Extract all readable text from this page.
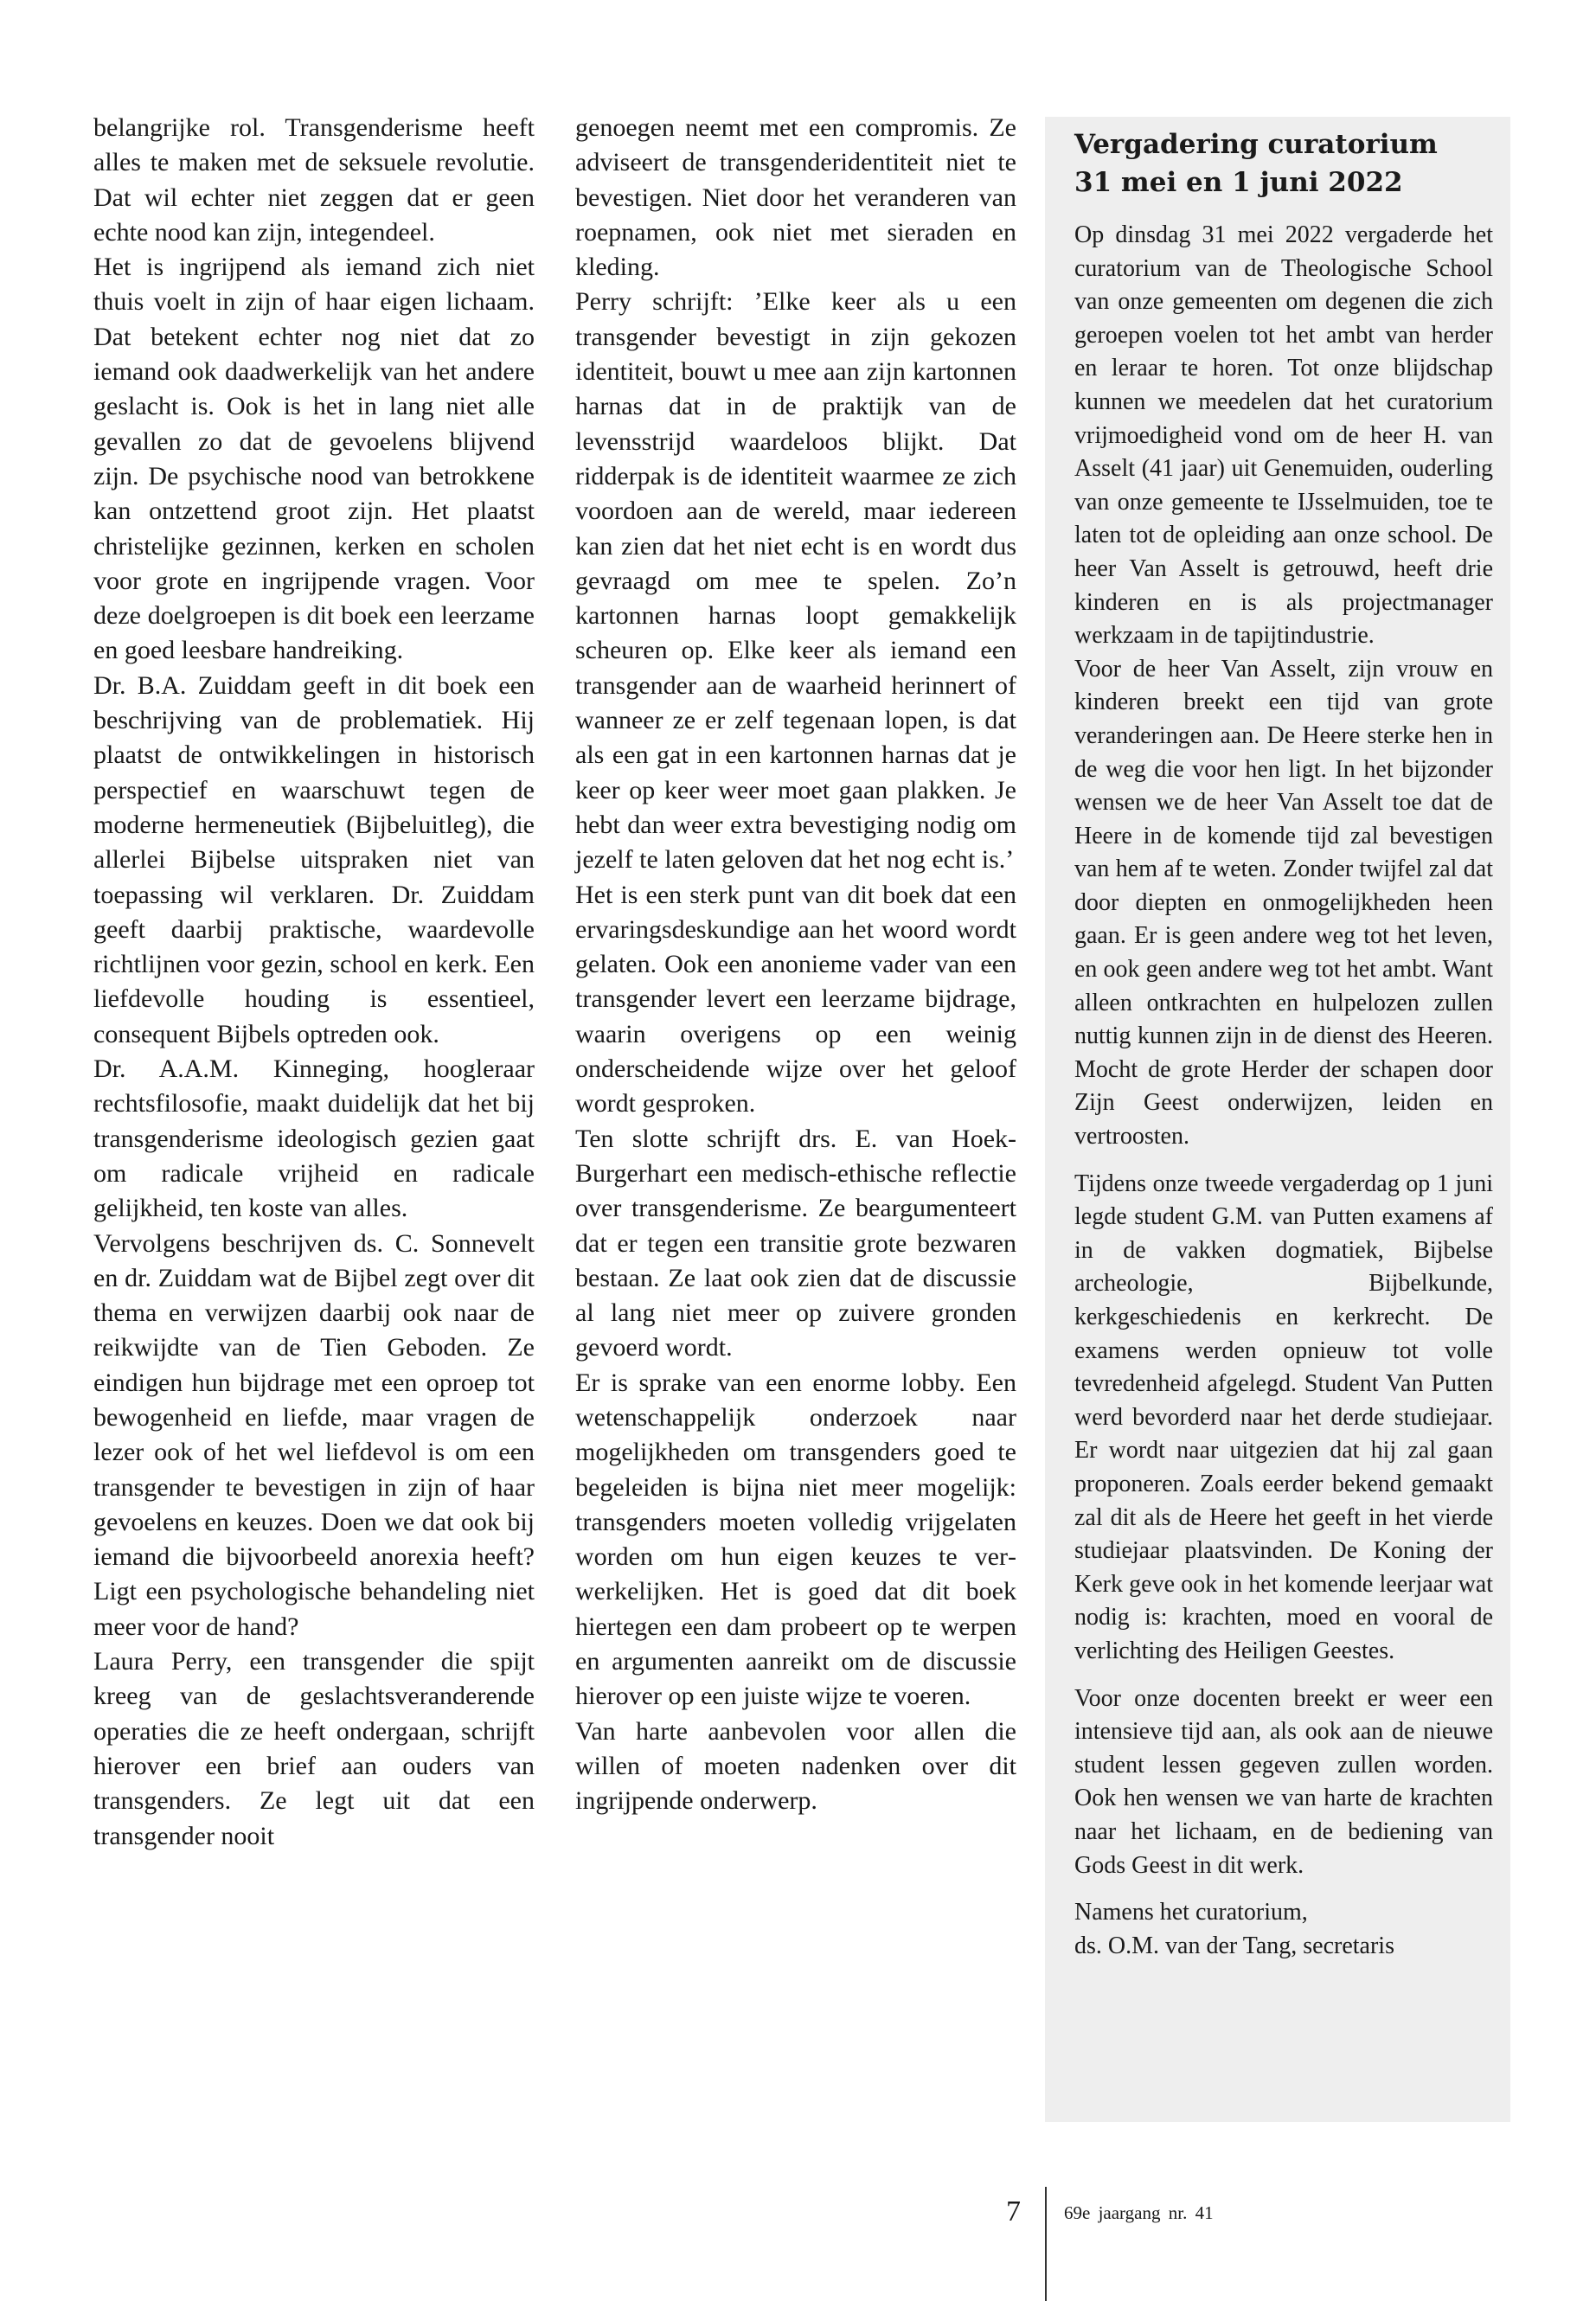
belangrijke rol. Transgenderisme heeft alles te maken met de seksuele revolutie. Dat wil echter niet zeggen dat er geen echte nood kan zijn, integendeel.

Het is ingrijpend als iemand zich niet thuis voelt in zijn of haar eigen lichaam. Dat betekent echter nog niet dat zo iemand ook daadwerkelijk van het andere geslacht is. Ook is het in lang niet alle gevallen zo dat de gevoelens blijvend zijn. De psychische nood van betrokkene kan ontzettend groot zijn. Het plaatst christelijke gezinnen, kerken en scholen voor grote en ingrijpende vragen. Voor deze doelgroepen is dit boek een leerzame en goed leesbare handreiking.

Dr. B.A. Zuiddam geeft in dit boek een beschrijving van de problematiek. Hij plaatst de ontwikkelingen in historisch perspectief en waarschuwt tegen de moderne hermeneutiek (Bijbeluitleg), die allerlei Bijbelse uitspraken niet van toepassing wil verklaren. Dr. Zuiddam geeft daarbij praktische, waardevolle richtlijnen voor gezin, school en kerk. Een liefdevolle houding is essentieel, consequent Bijbels optreden ook.

Dr. A.A.M. Kinneging, hoogleraar rechtsfilosofie, maakt duidelijk dat het bij transgenderisme ideologisch gezien gaat om radicale vrijheid en radicale gelijkheid, ten koste van alles.

Vervolgens beschrijven ds. C. Sonnevelt en dr. Zuiddam wat de Bijbel zegt over dit thema en verwijzen daarbij ook naar de reikwijdte van de Tien Geboden. Ze eindigen hun bijdrage met een oproep tot bewogenheid en liefde, maar vragen de lezer ook of het wel liefdevol is om een transgender te bevestigen in zijn of haar gevoelens en keuzes. Doen we dat ook bij iemand die bijvoorbeeld anorexia heeft? Ligt een psychologische behandeling niet meer voor de hand?

Laura Perry, een transgender die spijt kreeg van de geslachtsveranderende operaties die ze heeft ondergaan, schrijft hierover een brief aan ouders van transgenders. Ze legt uit dat een transgender nooit

genoegen neemt met een compromis. Ze adviseert de transgenderidentiteit niet te bevestigen. Niet door het veranderen van roepnamen, ook niet met sieraden en kleding.

Perry schrijft: ’Elke keer als u een transgender bevestigt in zijn gekozen identiteit, bouwt u mee aan zijn kartonnen harnas dat in de praktijk van de levensstrijd waardeloos blijkt. Dat ridderpak is de identiteit waarmee ze zich voordoen aan de wereld, maar iedereen kan zien dat het niet echt is en wordt dus gevraagd om mee te spelen. Zo’n kartonnen harnas loopt gemakkelijk scheuren op. Elke keer als iemand een transgender aan de waarheid herinnert of wanneer ze er zelf tegenaan lopen, is dat als een gat in een kartonnen harnas dat je keer op keer weer moet gaan plakken. Je hebt dan weer extra bevestiging nodig om jezelf te laten geloven dat het nog echt is.’

Het is een sterk punt van dit boek dat een ervaringsdeskundige aan het woord wordt gelaten. Ook een anonieme vader van een transgender levert een leerzame bijdrage, waarin overigens op een weinig onderscheidende wijze over het geloof wordt gesproken.

Ten slotte schrijft drs. E. van Hoek-Burgerhart een medisch-ethische reflectie over transgenderisme. Ze beargumenteert dat er tegen een transitie grote bezwaren bestaan. Ze laat ook zien dat de discussie al lang niet meer op zuivere gronden gevoerd wordt.

Er is sprake van een enorme lobby. Een wetenschappelijk onderzoek naar mogelijkheden om transgenders goed te begeleiden is bijna niet meer mogelijk: transgenders moeten volledig vrijgelaten worden om hun eigen keuzes te verwerkelijken. Het is goed dat dit boek hiertegen een dam probeert op te werpen en argumenten aanreikt om de discussie hierover op een juiste wijze te voeren.

Van harte aanbevolen voor allen die willen of moeten nadenken over dit ingrijpende onderwerp.

Vergadering curatorium
31 mei en 1 juni 2022

Op dinsdag 31 mei 2022 vergaderde het curatorium van de Theologische School van onze gemeenten om degenen die zich geroepen voelen tot het ambt van herder en leraar te horen. Tot onze blijdschap kunnen we meedelen dat het curatorium vrijmoedigheid vond om de heer H. van Asselt (41 jaar) uit Genemuiden, ouderling van onze gemeente te IJsselmuiden, toe te laten tot de opleiding aan onze school. De heer Van Asselt is getrouwd, heeft drie kinderen en is als projectmanager werkzaam in de tapijtindustrie.

Voor de heer Van Asselt, zijn vrouw en kinderen breekt een tijd van grote veranderingen aan. De Heere sterke hen in de weg die voor hen ligt. In het bijzonder wensen we de heer Van Asselt toe dat de Heere in de komende tijd zal bevestigen van hem af te weten. Zonder twijfel zal dat door diepten en onmogelijkheden heen gaan. Er is geen andere weg tot het leven, en ook geen andere weg tot het ambt. Want alleen ontkrachten en hulpelozen zullen nuttig kunnen zijn in de dienst des Heeren. Mocht de grote Herder der schapen door Zijn Geest onderwijzen, leiden en vertroosten.

Tijdens onze tweede vergaderdag op 1 juni legde student G.M. van Putten examens af in de vakken dogmatiek, Bijbelse archeologie, Bijbelkunde, kerkgeschiedenis en kerkrecht. De examens werden opnieuw tot volle tevredenheid afgelegd. Student Van Putten werd bevorderd naar het derde studiejaar. Er wordt naar uitgezien dat hij zal gaan proponeren. Zoals eerder bekend gemaakt zal dit als de Heere het geeft in het vierde studiejaar plaatsvinden. De Koning der Kerk geve ook in het komende leerjaar wat nodig is: krachten, moed en vooral de verlichting des Heiligen Geestes.

Voor onze docenten breekt er weer een intensieve tijd aan, als ook aan de nieuwe student lessen gegeven zullen worden. Ook hen wensen we van harte de krachten naar het lichaam, en de bediening van Gods Geest in dit werk.

Namens het curatorium,
ds. O.M. van der Tang, secretaris

7 69e jaargang nr. 41
